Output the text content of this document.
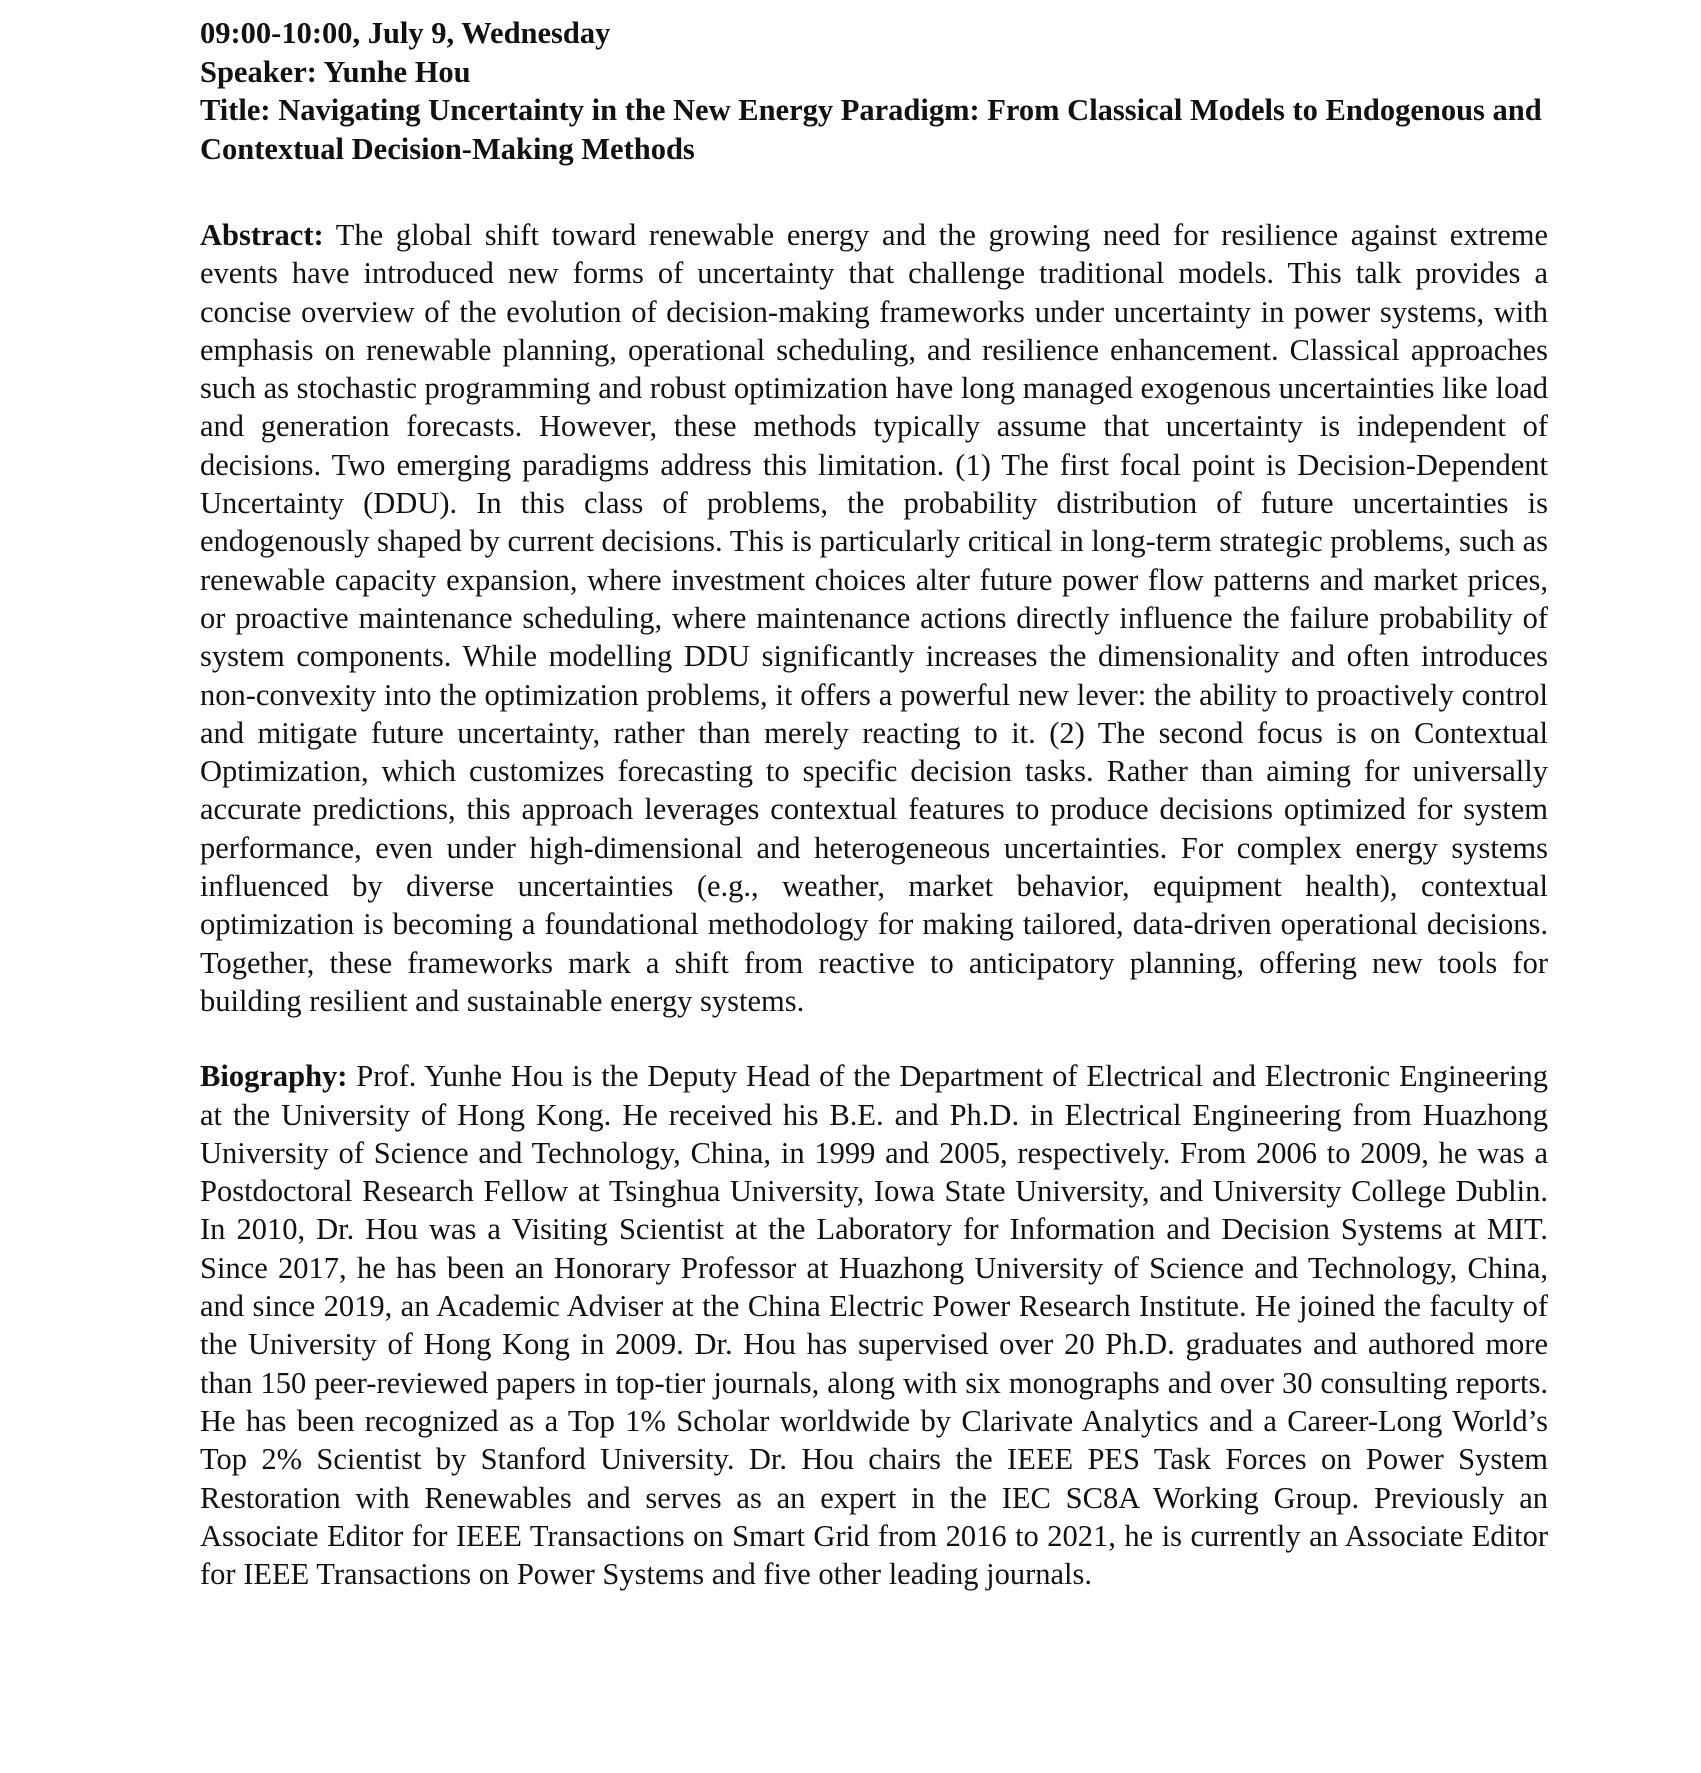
09:00-10:00, July 9, Wednesday
Speaker: Yunhe Hou
Title: Navigating Uncertainty in the New Energy Paradigm: From Classical Models to Endogenous and Contextual Decision-Making Methods

Abstract: The global shift toward renewable energy and the growing need for resilience against extreme events have introduced new forms of uncertainty that challenge traditional models. This talk provides a concise overview of the evolution of decision-making frameworks under uncertainty in power systems, with emphasis on renewable planning, operational scheduling, and resilience enhancement. Classical approaches such as stochastic programming and robust optimization have long managed exogenous uncertainties like load and generation forecasts. However, these methods typically assume that uncertainty is independent of decisions. Two emerging paradigms address this limitation. (1) The first focal point is Decision-Dependent Uncertainty (DDU). In this class of problems, the probability distribution of future uncertainties is endogenously shaped by current decisions. This is particularly critical in long-term strategic problems, such as renewable capacity expansion, where investment choices alter future power flow patterns and market prices, or proactive maintenance scheduling, where maintenance actions directly influence the failure probability of system components. While modelling DDU significantly increases the dimensionality and often introduces non-convexity into the optimization problems, it offers a powerful new lever: the ability to proactively control and mitigate future uncertainty, rather than merely reacting to it. (2) The second focus is on Contextual Optimization, which customizes forecasting to specific decision tasks. Rather than aiming for universally accurate predictions, this approach leverages contextual features to produce decisions optimized for system performance, even under high-dimensional and heterogeneous uncertainties. For complex energy systems influenced by diverse uncertainties (e.g., weather, market behavior, equipment health), contextual optimization is becoming a foundational methodology for making tailored, data-driven operational decisions. Together, these frameworks mark a shift from reactive to anticipatory planning, offering new tools for building resilient and sustainable energy systems.

Biography: Prof. Yunhe Hou is the Deputy Head of the Department of Electrical and Electronic Engineering at the University of Hong Kong. He received his B.E. and Ph.D. in Electrical Engineering from Huazhong University of Science and Technology, China, in 1999 and 2005, respectively. From 2006 to 2009, he was a Postdoctoral Research Fellow at Tsinghua University, Iowa State University, and University College Dublin. In 2010, Dr. Hou was a Visiting Scientist at the Laboratory for Information and Decision Systems at MIT. Since 2017, he has been an Honorary Professor at Huazhong University of Science and Technology, China, and since 2019, an Academic Adviser at the China Electric Power Research Institute. He joined the faculty of the University of Hong Kong in 2009. Dr. Hou has supervised over 20 Ph.D. graduates and authored more than 150 peer-reviewed papers in top-tier journals, along with six monographs and over 30 consulting reports. He has been recognized as a Top 1% Scholar worldwide by Clarivate Analytics and a Career-Long World’s Top 2% Scientist by Stanford University. Dr. Hou chairs the IEEE PES Task Forces on Power System Restoration with Renewables and serves as an expert in the IEC SC8A Working Group. Previously an Associate Editor for IEEE Transactions on Smart Grid from 2016 to 2021, he is currently an Associate Editor for IEEE Transactions on Power Systems and five other leading journals.
